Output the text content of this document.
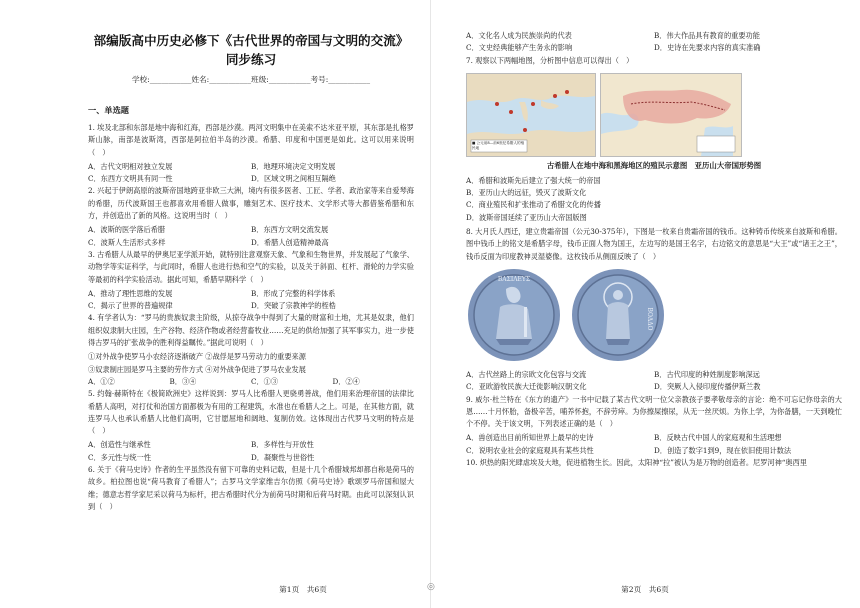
部编版高中历史必修下《古代世界的帝国与文明的交流》同步练习
学校:___________姓名:___________班级:___________考号:___________
一、单选题
1. 埃及北部和东部是地中海和红海，西部是沙漠。两河文明集中在美索不达米亚平原，其东部是扎格罗斯山脉，南部是波斯湾，西部是阿拉伯半岛的沙漠。希腊、印度和中国更是如此。这可以用来说明（　）
A．古代文明相对独立发展	B．地理环境决定文明发展
C．东西方文明具有同一性	D．区域文明之间相互隔绝
2. 兴起于伊朗高原的波斯帝国地跨亚非欧三大洲，境内有很多医者、工匠、学者、政治家等来自爱琴海的希腊，历代波斯国王也都喜欢用希腊人做事，雕刻艺术、医疗技术、文学形式等大都借鉴希腊和东方，并创造出了新的风格。这说明当时（　）
A．波斯的医学落后希腊	B．东西方文明交流发展
C．波斯人生活形式多样	D．希腊人创造精神最高
3. 古希腊人从最早的伊奥尼亚学派开始，就特别注意观察天象、气象和生物世界，并发展起了气象学、动物学等实证科学，与此同时，希腊人也进行热和空气的实验，以及关于斜面、杠杆、滑轮的力学实验等最初的科学实验活动。据此可知，希腊早期科学（　）
A．推动了理性思维的发展	B．形成了完整的科学体系
C．揭示了世界的普遍规律	D．突破了宗教神学的桎梏
4. 有学者认为：“罗马的贵族奴隶主阶级，从掠夺战争中得到了大量的财富和土地，尤其是奴隶，他们组织奴隶制大庄园，生产谷物、经济作物或者经营畜牧业……充足的供给加强了其军事实力，进一步使得古罗马的扩张战争的胜利得益瞩传。”据此可说明（　）
①对外战争使罗马小农经济逐渐破产 ②战俘是罗马劳动力的重要来源
③奴隶制庄园是罗马主要的劳作方式 ④对外战争促进了罗马农业发展
A．①②	B．③④	C．①③	D．②④
5. 约翰·赫斯特在《极简欧洲史》这样说到：罗马人比希腊人更骁勇善战，他们用来治理帝国的法律比希腊人高明，对打仗和治国方面都极为有用的工程建筑，水准也在希腊人之上。可是，在其他方面，就连罗马人也承认希腊人比他们高明，它甘愿屈地和阔地、复制仿效。这体现出古代罗马文明的特点是（　）
A．创造性与继承性	B．多样性与开放性
C．多元性与统一性	D．凝聚性与世俗性
6. 关于《荷马史诗》作者的生平虽然没有留下可靠的史料记载，但是十几个希腊城邦却都自称是荷马的故乡。柏拉图也说“荷马教育了希腊人”；古罗马文学家维吉尔仿照《荷马史诗》歌颂罗马帝国和屋大维；德意志哲学家尼采以荷马为标杆，把古希腊时代分为前荷马时期和后荷马时期。由此可以深刻认识到（　）
第1页　共6页	◎
A．文化名人成为民族崇尚的代表	B．伟大作品具有教育的重要功能
C．文史经典能够产生务永的影响	D．史诗在先要求内容的真实准确
7. 观察以下两幅地图，分析图中信息可以得出（　）
■ 公元前8—前6世纪希腊人的殖民地
古希腊人在地中海和黑海地区的殖民示意图　亚历山大帝国形势图
A．希腊和波斯先后建立了强大统一的帝国
B．亚历山大的远征，毁灭了波斯文化
C．商业殖民和扩张推动了希腊文化的传播
D．波斯帝国延续了亚历山大帝国版图
8. 大月氏人西迁，建立贵霜帝国（公元30-375年），下图是一枚来自贵霜帝国的钱币。这种铸币传统来自波斯和希腊。图中钱币上的铭文是希腊字母，钱币正面人物为国王，左边写的是国王名字，右边铭文的意思是“大王”或“诸王之王”，钱币反面为印度教神灵湿婆像。这枚钱币从侧面反映了（　）
ΒΑΣΙΛΕΥΣ
ΒΟΔΔΟ
A．古代丝路上的宗欧文化包容与交流	B．古代印度的种姓制度影响深远
C．亚欧游牧民族大迁徙影响汉朝文化	D．突厥人入侵印度传播伊斯兰教
9. 威尔·杜兰特在《东方的遗产》一书中记载了某古代文明一位父亲教孩子要孝敬母亲的言论：绝不可忘记你母亲的大恩……十月怀胎，备极辛苦，哺养怀抱，不辞劳瘁。为你擦屎擦尿，从无一丝厌烦。为你上学，为你备膳，一天到晚忙个不停。关于该文明，下列表述正确的是（　）
A．兽创造出目前所知世界上最早的史诗	B．反映古代中国人的家庭观和生活理想
C．说明农业社会的家庭观具有某些共性	D．创造了数字1到9，现在依旧使用计数法
10. 炽热的阳光肆虐埃及大地，促进植物生长。因此，太阳神“拉”被认为是万物的创造者。尼罗河神“奥西里
第2页　共6页
